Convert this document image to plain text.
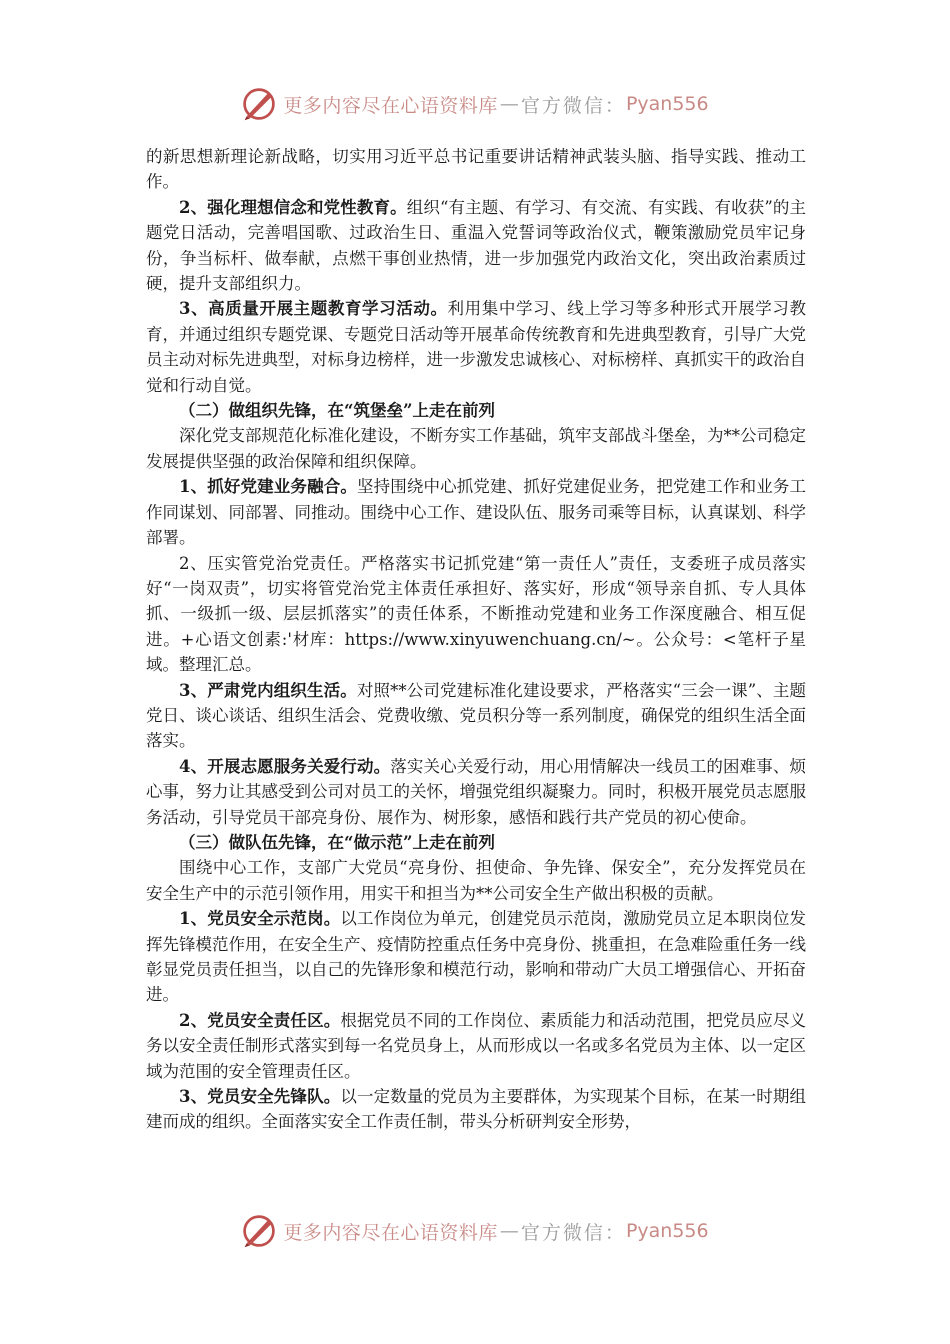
更多内容尽在心语资料库 — 官方微信： Pyan556

的新思想新理论新战略，切实用习近平总书记重要讲话精神武装头脑、指导实践、推动工作。

2、强化理想信念和党性教育。组织“有主题、有学习、有交流、有实践、有收获”的主题党日活动，完善唱国歌、过政治生日、重温入党誓词等政治仪式，鞭策激励党员牢记身份，争当标杆、做奉献，点燃干事创业热情，进一步加强党内政治文化，突出政治素质过硬，提升支部组织力。

3、高质量开展主题教育学习活动。利用集中学习、线上学习等多种形式开展学习教育，并通过组织专题党课、专题党日活动等开展革命传统教育和先进典型教育，引导广大党员主动对标先进典型，对标身边榜样，进一步激发忠诚核心、对标榜样、真抓实干的政治自觉和行动自觉。

（二）做组织先锋，在“筑堡垒”上走在前列

深化党支部规范化标准化建设，不断夯实工作基础，筑牢支部战斗堡垒，为**公司稳定发展提供坚强的政治保障和组织保障。

1、抓好党建业务融合。坚持围绕中心抓党建、抓好党建促业务，把党建工作和业务工作同谋划、同部署、同推动。围绕中心工作、建设队伍、服务司乘等目标，认真谋划、科学部署。

2、压实管党治党责任。严格落实书记抓党建“第一责任人”责任，支委班子成员落实好“一岗双责”，切实将管党治党主体责任承担好、落实好，形成“领导亲自抓、专人具体抓、一级抓一级、层层抓落实”的责任体系，不断推动党建和业务工作深度融合、相互促进。+心语文创素:'材库：https://www.xinyuwenchuang.cn/~。公众号：<笔杆子星域。整理汇总。

3、严肃党内组织生活。对照**公司党建标准化建设要求，严格落实“三会一课”、主题党日、谈心谈话、组织生活会、党费收缴、党员积分等一系列制度，确保党的组织生活全面落实。

4、开展志愿服务关爱行动。落实关心关爱行动，用心用情解决一线员工的困难事、烦心事，努力让其感受到公司对员工的关怀，增强党组织凝聚力。同时，积极开展党员志愿服务活动，引导党员干部亮身份、展作为、树形象，感悟和践行共产党员的初心使命。

（三）做队伍先锋，在“做示范”上走在前列

围绕中心工作，支部广大党员“亮身份、担使命、争先锋、保安全”，充分发挥党员在安全生产中的示范引领作用，用实干和担当为**公司安全生产做出积极的贡献。

1、党员安全示范岗。以工作岗位为单元，创建党员示范岗，激励党员立足本职岗位发挥先锋模范作用，在安全生产、疫情防控重点任务中亮身份、挑重担，在急难险重任务一线彰显党员责任担当，以自己的先锋形象和模范行动，影响和带动广大员工增强信心、开拓奋进。

2、党员安全责任区。根据党员不同的工作岗位、素质能力和活动范围，把党员应尽义务以安全责任制形式落实到每一名党员身上，从而形成以一名或多名党员为主体、以一定区域为范围的安全管理责任区。

3、党员安全先锋队。以一定数量的党员为主要群体，为实现某个目标，在某一时期组建而成的组织。全面落实安全工作责任制，带头分析研判安全形势，

更多内容尽在心语资料库 — 官方微信： Pyan556
